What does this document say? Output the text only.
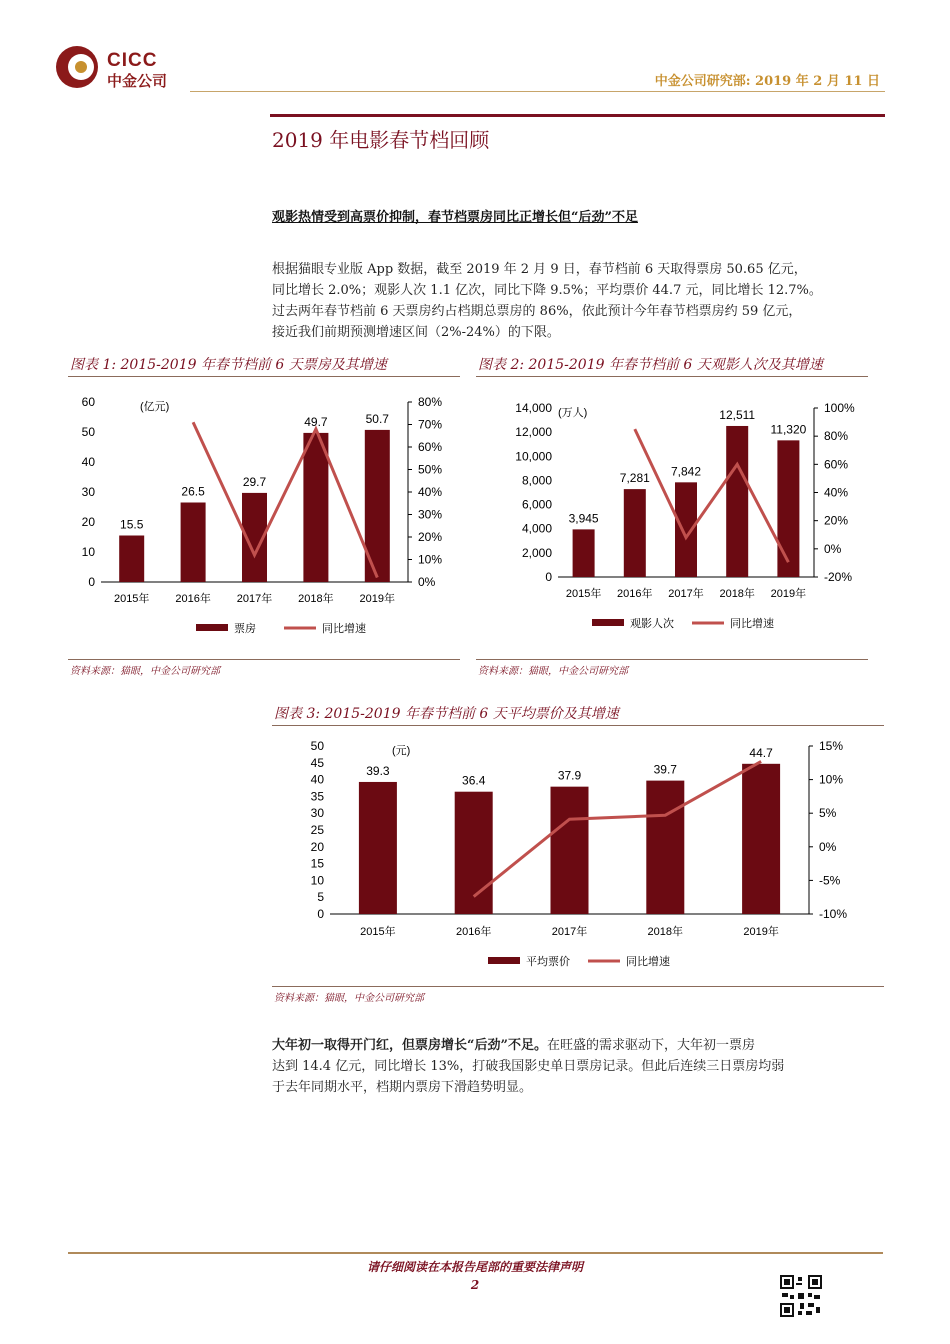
CICC
中金公司	中金公司研究部: 2019 年 2 月 11 日
2019 年电影春节档回顾
观影热情受到高票价抑制，春节档票房同比正增长但“后劲”不足
根据猫眼专业版 App 数据，截至 2019 年 2 月 9 日，春节档前 6 天取得票房 50.65 亿元，
同比增长 2.0%；观影人次 1.1 亿次，同比下降 9.5%；平均票价 44.7 元，同比增长 12.7%。
过去两年春节档前 6 天票房约占档期总票房的 86%，依此预计今年春节档票房约 59 亿元，
接近我们前期预测增速区间（2%-24%）的下限。
图表 1: 2015-2019 年春节档前 6 天票房及其增速
0
10
20
30
40
50
60
0%
10%
20%
30%
40%
50%
60%
70%
80%
(亿元)
15.5
26.5
29.7
49.7	50.7
2015年 2016年 2017年 2018年 2019年
票房	同比增速
资料来源：猫眼，中金公司研究部
图表 2: 2015-2019 年春节档前 6 天观影人次及其增速
0
2,000
4,000
6,000
8,000
10,000
12,000
14,000
-20%
0%
20%
40%
60%
80%
100%
(万人)
3,945
7,281 7,842
12,511
11,320
2015年 2016年 2017年 2018年 2019年
观影人次	同比增速
资料来源：猫眼，中金公司研究部
图表 3: 2015-2019 年春节档前 6 天平均票价及其增速
0
5
10
15
20
25
30
35
40
45
50
-10%
-5%
0%
5%
10%
15%
(元)
39.3
36.4	37.9	39.7
44.7
2015年	2016年	2017年	2018年	2019年
平均票价	同比增速
资料来源：猫眼，中金公司研究部
大年初一取得开门红，但票房增长“后劲”不足。在旺盛的需求驱动下，大年初一票房
达到 14.4 亿元，同比增长 13%，打破我国影史单日票房记录。但此后连续三日票房均弱
于去年同期水平，档期内票房下滑趋势明显。
请仔细阅读在本报告尾部的重要法律声明
2
